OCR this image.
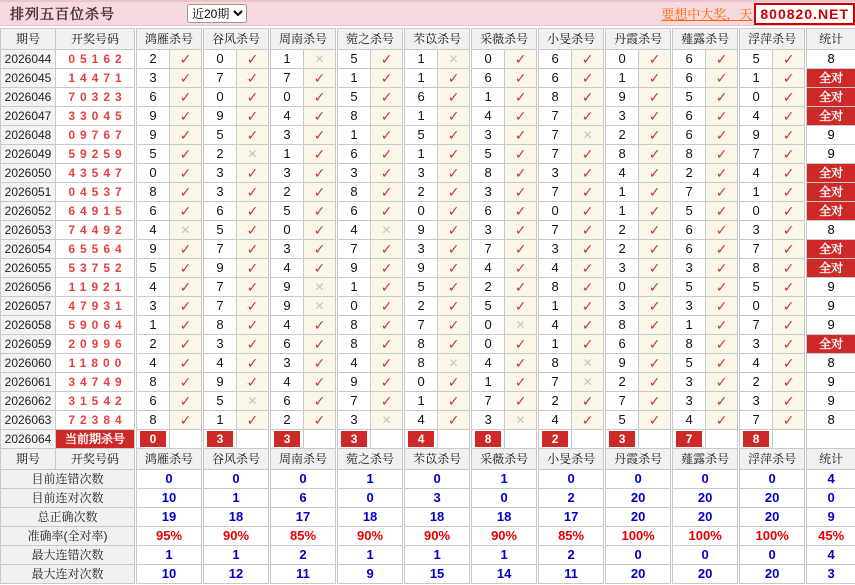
排列五百位杀号
近20期	要想中大奖，天 800820.NET
期号	开奖号码	鸿雁杀号		谷风杀号		周南杀号		菀之杀号		芣苡杀号		采薇杀号		小旻杀号		丹霞杀号		薤露杀号		浮萍杀号		统计
2026044	05162	2	✓	0	✓	1	✕	5	✓	1	✕	0	✓	6	✓	0	✓	6	✓	5	✓	8
2026045	14471	3	✓	7	✓	7	✓	1	✓	1	✓	6	✓	6	✓	1	✓	6	✓	1	✓	全对
2026046	70323	6	✓	0	✓	0	✓	5	✓	6	✓	1	✓	8	✓	9	✓	5	✓	0	✓	全对
2026047	33045	9	✓	9	✓	4	✓	8	✓	1	✓	4	✓	7	✓	3	✓	6	✓	4	✓	全对
2026048	09767	9	✓	5	✓	3	✓	1	✓	5	✓	3	✓	7	✕	2	✓	6	✓	9	✓	9
2026049	59259	5	✓	2	✕	1	✓	6	✓	1	✓	5	✓	7	✓	8	✓	8	✓	7	✓	9
2026050	43547	0	✓	3	✓	3	✓	3	✓	3	✓	8	✓	3	✓	4	✓	2	✓	4	✓	全对
2026051	04537	8	✓	3	✓	2	✓	8	✓	2	✓	3	✓	7	✓	1	✓	7	✓	1	✓	全对
2026052	64915	6	✓	6	✓	5	✓	6	✓	0	✓	6	✓	0	✓	1	✓	5	✓	0	✓	全对
2026053	74492	4	✕	5	✓	0	✓	4	✕	9	✓	3	✓	7	✓	2	✓	6	✓	3	✓	8
2026054	65564	9	✓	7	✓	3	✓	7	✓	3	✓	7	✓	3	✓	2	✓	6	✓	7	✓	全对
2026055	53752	5	✓	9	✓	4	✓	9	✓	9	✓	4	✓	4	✓	3	✓	3	✓	8	✓	全对
2026056	11921	4	✓	7	✓	9	✕	1	✓	5	✓	2	✓	8	✓	0	✓	5	✓	5	✓	9
2026057	47931	3	✓	7	✓	9	✕	0	✓	2	✓	5	✓	1	✓	3	✓	3	✓	0	✓	9
2026058	59064	1	✓	8	✓	4	✓	8	✓	7	✓	0	✕	4	✓	8	✓	1	✓	7	✓	9
2026059	20996	2	✓	3	✓	6	✓	8	✓	8	✓	0	✓	1	✓	6	✓	8	✓	3	✓	全对
2026060	11800	4	✓	4	✓	3	✓	4	✓	8	✕	4	✓	8	✕	9	✓	5	✓	4	✓	8
2026061	34749	8	✓	9	✓	4	✓	9	✓	0	✓	1	✓	7	✕	2	✓	3	✓	2	✓	9
2026062	31542	6	✓	5	✕	6	✓	7	✓	1	✓	7	✓	2	✓	7	✓	3	✓	3	✓	9
2026063	72384	8	✓	1	✓	2	✓	3	✕	4	✓	3	✕	4	✓	5	✓	4	✓	7	✓	8
2026064	当前期杀号	0		3		3		3		4		8		2		3		7		8		

期号	开奖号码	鸿雁杀号		谷风杀号		周南杀号		菀之杀号		芣苡杀号		采薇杀号		小旻杀号		丹霞杀号		薤露杀号		浮萍杀号		统计
目前连错次数		0		0		0		1		0		1		0		0		0		0		4
目前连对次数		10		1		6		0		3		0		2		20		20		20		0
总正确次数		19		18		17		18		18		18		17		20		20		20		9
准确率(全对率)		95%		90%		85%		90%		90%		90%		85%		100%		100%		100%		45%
最大连错次数		1		1		2		1		1		1		2		0		0		0		4
最大连对次数		10		12		11		9		15		14		11		20		20		20		3
